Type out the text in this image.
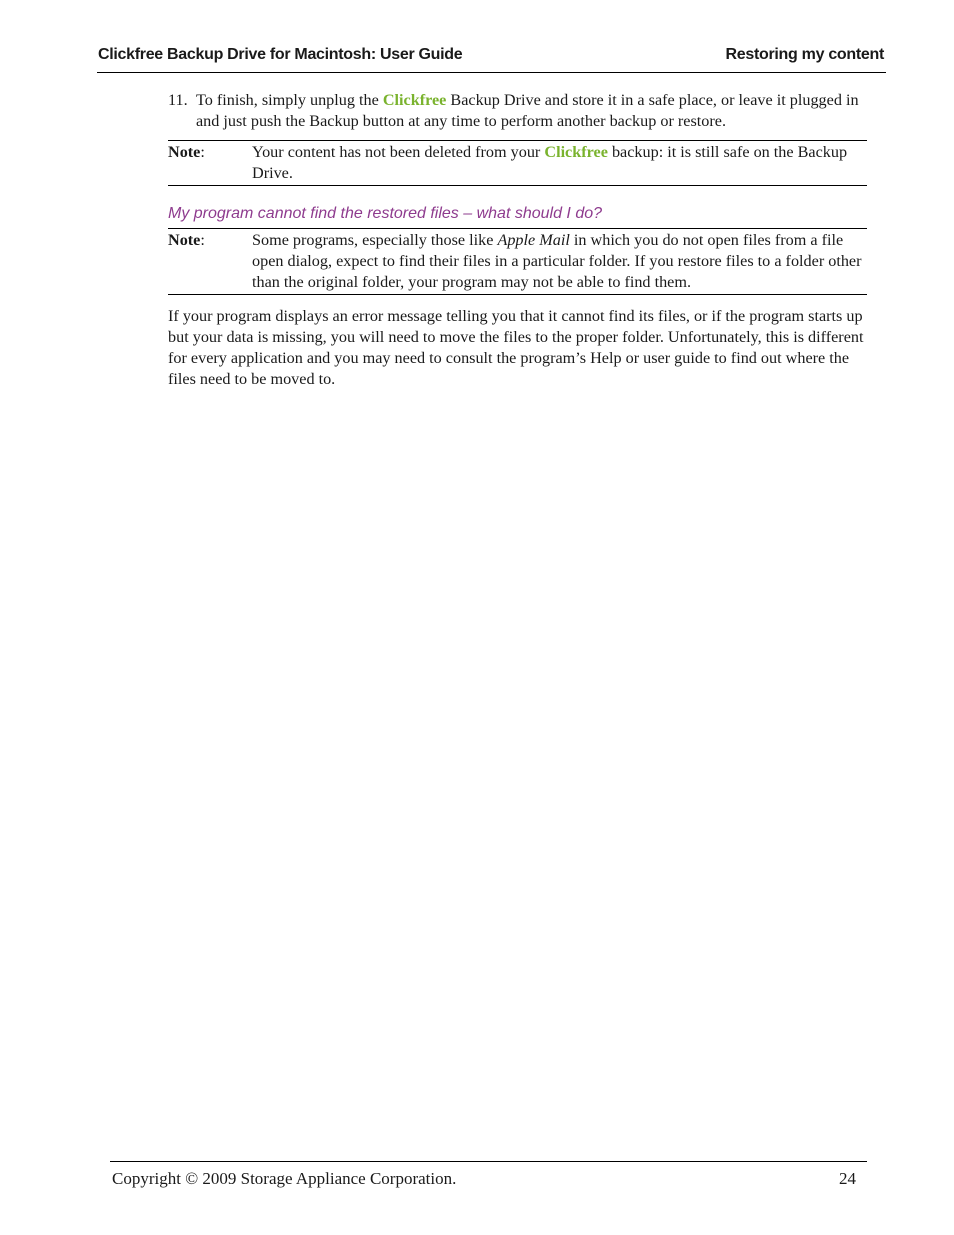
Clickfree Backup Drive for Macintosh: User Guide	Restoring my content

11. To finish, simply unplug the Clickfree Backup Drive and store it in a safe place, or leave it plugged in and just push the Backup button at any time to perform another backup or restore.

Note:	Your content has not been deleted from your Clickfree backup: it is still safe on the Backup Drive.
My program cannot find the restored files – what should I do?
Note:	Some programs, especially those like Apple Mail in which you do not open files from a file open dialog, expect to find their files in a particular folder. If you restore files to a folder other than the original folder, your program may not be able to find them.

If your program displays an error message telling you that it cannot find its files, or if the program starts up but your data is missing, you will need to move the files to the proper folder. Unfortunately, this is different for every application and you may need to consult the program’s Help or user guide to find out where the files need to be moved to.

Copyright © 2009 Storage Appliance Corporation.	24
